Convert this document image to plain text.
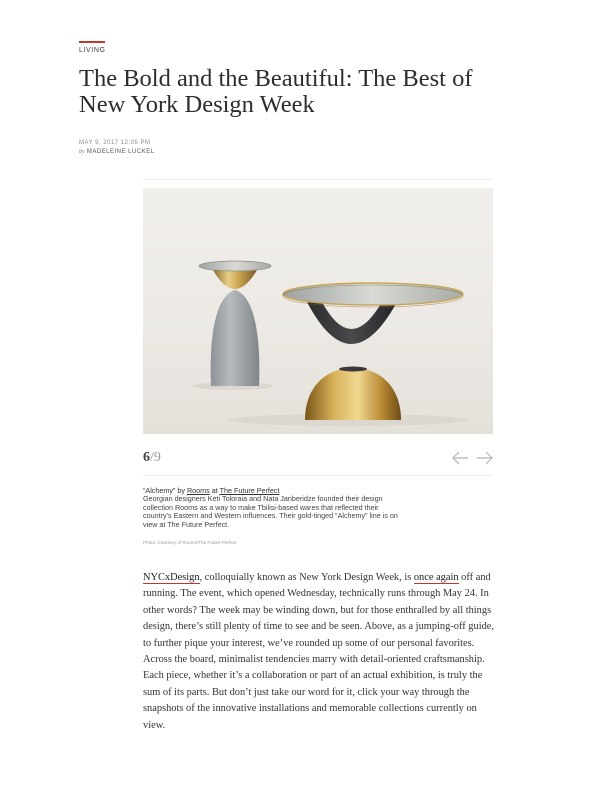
LIVING
The Bold and the Beautiful: The Best of New York Design Week
MAY 9, 2017 12:05 PM
by MADELEINE LUCKEL
6/9
“Alchemy” by Rooms at The Future Perfect
Georgian designers Keti Toloraia and Nata Janberidze founded their design collection Rooms as a way to make Tbilisi-based wares that reflected their country’s Eastern and Western influences. Their gold-tinged “Alchemy” line is on view at The Future Perfect.
Photo: Courtesy of Rooms/The Future Perfect

NYCxDesign, colloquially known as New York Design Week, is once again off and running. The event, which opened Wednesday, technically runs through May 24. In other words? The week may be winding down, but for those enthralled by all things design, there’s still plenty of time to see and be seen. Above, as a jumping-off guide, to further pique your interest, we’ve rounded up some of our personal favorites. Across the board, minimalist tendencies marry with detail-oriented craftsmanship. Each piece, whether it’s a collaboration or part of an actual exhibition, is truly the sum of its parts. But don’t just take our word for it, click your way through the snapshots of the innovative installations and memorable collections currently on view.
